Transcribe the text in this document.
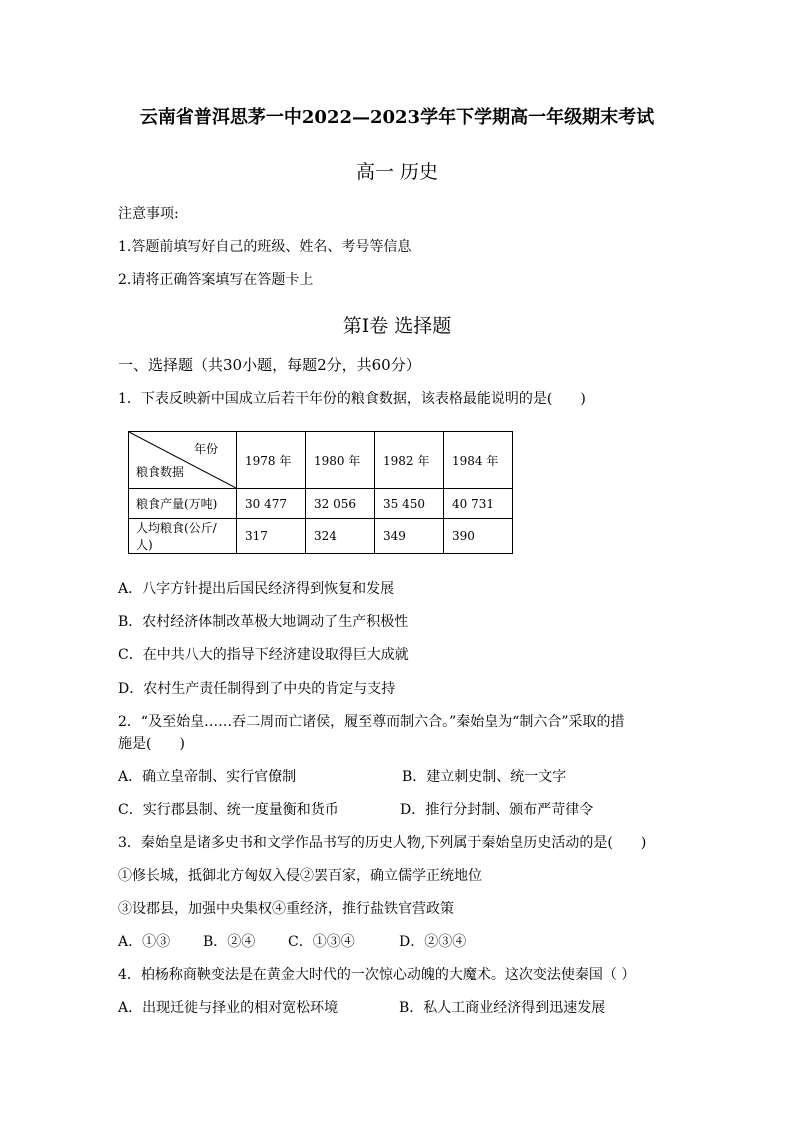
云南省普洱思茅一中2022—2023学年下学期高一年级期末考试
高一 历史
注意事项:
1.答题前填写好自己的班级、姓名、考号等信息
2.请将正确答案填写在答题卡上
第Ⅰ卷 选择题
一、选择题（共30小题，每题2分，共60分）
1．下表反映新中国成立后若干年份的粮食数据，该表格最能说明的是(　　)
年份
粮食数据	1978 年	1980 年	1982 年	1984 年
粮食产量(万吨)	30 477	32 056	35 450	40 731
人均粮食(公斤/人)	317	324	349	390
A．八字方针提出后国民经济得到恢复和发展
B．农村经济体制改革极大地调动了生产积极性
C．在中共八大的指导下经济建设取得巨大成就
D．农村生产责任制得到了中央的肯定与支持
2．“及至始皇……吞二周而亡诸侯，履至尊而制六合。”秦始皇为“制六合”采取的措
施是(　　)
A．确立皇帝制、实行官僚制	B．建立刺史制、统一文字
C．实行郡县制、统一度量衡和货币	D．推行分封制、颁布严苛律令
3．秦始皇是诸多史书和文学作品书写的历史人物,下列属于秦始皇历史活动的是(　　)
①修长城，抵御北方匈奴入侵②罢百家，确立儒学正统地位
③设郡县，加强中央集权④重经济，推行盐铁官营政策
A．①③ B．②④ C．①③④	D．②③④
4．柏杨称商鞅变法是在黄金大时代的一次惊心动魄的大魔术。这次变法使秦国（ ）
A．出现迁徙与择业的相对宽松环境	B．私人工商业经济得到迅速发展
